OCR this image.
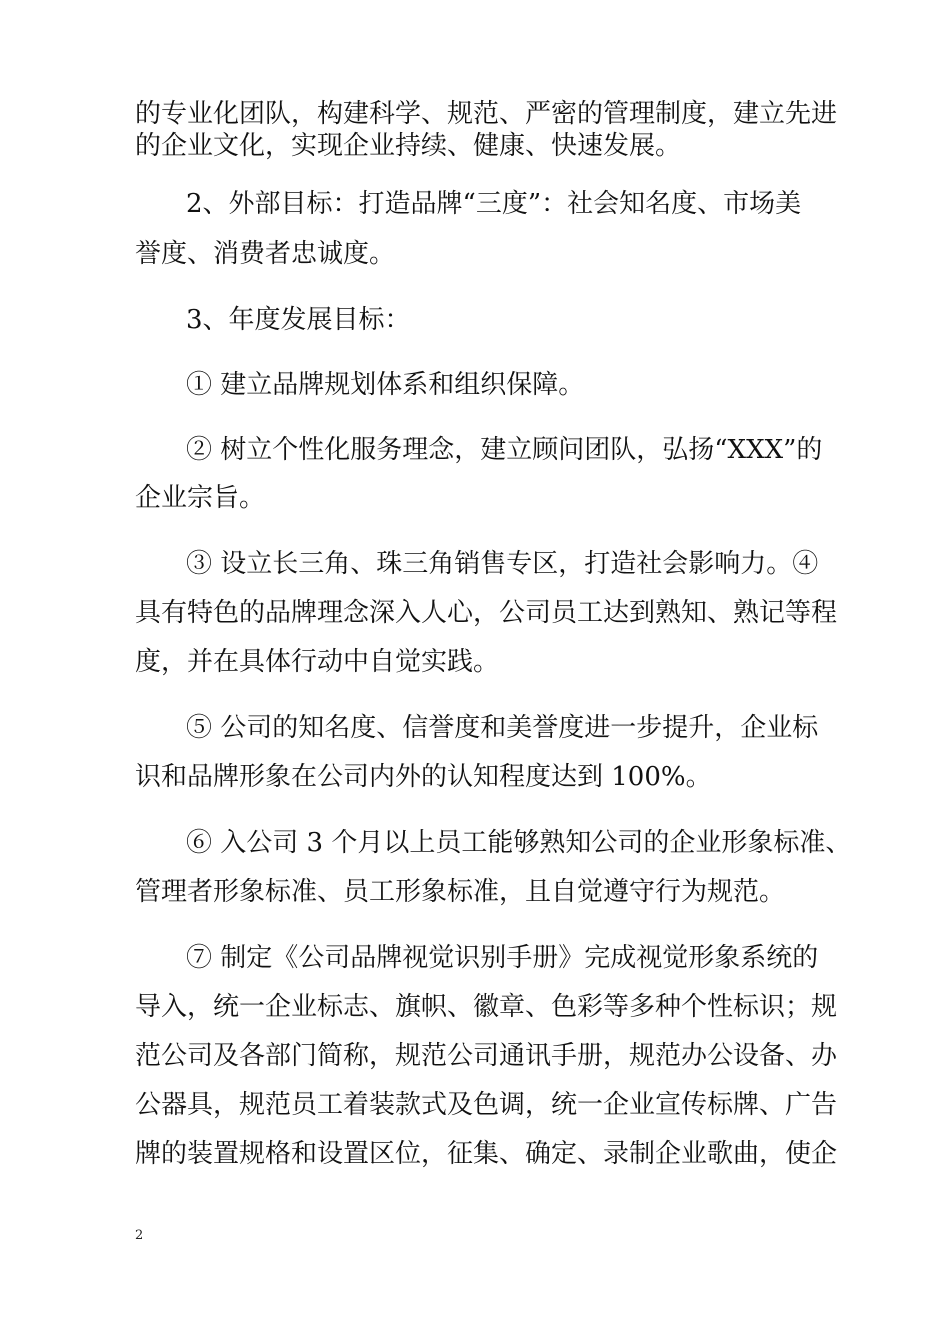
的专业化团队，构建科学、规范、严密的管理制度，建立先进
的企业文化，实现企业持续、健康、快速发展。
2、外部目标：打造品牌“三度”：社会知名度、市场美
誉度、消费者忠诚度。
3、年度发展目标：
① 建立品牌规划体系和组织保障。
② 树立个性化服务理念，建立顾问团队，弘扬“XXX”的
企业宗旨。
③ 设立长三角、珠三角销售专区，打造社会影响力。④
具有特色的品牌理念深入人心，公司员工达到熟知、熟记等程
度，并在具体行动中自觉实践。
⑤ 公司的知名度、信誉度和美誉度进一步提升，企业标
识和品牌形象在公司内外的认知程度达到 100%。
⑥ 入公司 3 个月以上员工能够熟知公司的企业形象标准、
管理者形象标准、员工形象标准，且自觉遵守行为规范。
⑦ 制定《公司品牌视觉识别手册》完成视觉形象系统的
导入，统一企业标志、旗帜、徽章、色彩等多种个性标识；规
范公司及各部门简称，规范公司通讯手册，规范办公设备、办
公器具，规范员工着装款式及色调，统一企业宣传标牌、广告
牌的装置规格和设置区位，征集、确定、录制企业歌曲，使企
2
